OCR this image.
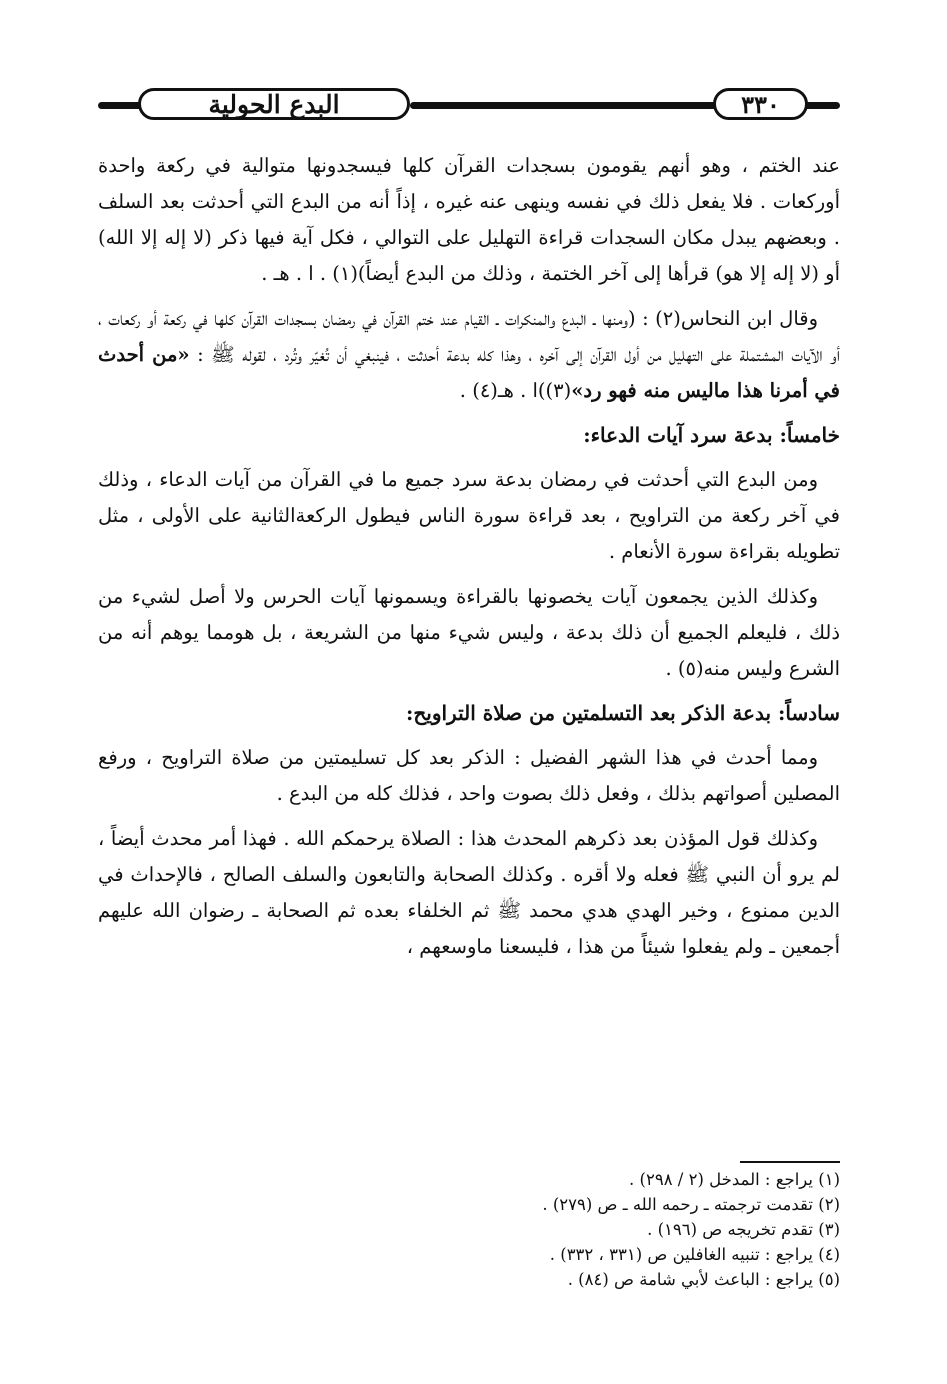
البدع الحولية	٣٣٠

عند الختم ، وهو أنهم يقومون بسجدات القرآن كلها فيسجدونها متوالية في ركعة واحدة أوركعات . فلا يفعل ذلك في نفسه وينهى عنه غيره ، إذاً أنه من البدع التي أحدثت بعد السلف . وبعضهم يبدل مكان السجدات قراءة التهليل على التوالي ، فكل آية فيها ذكر (لا إله إلا الله) أو (لا إله إلا هو) قرأها إلى آخر الختمة ، وذلك من البدع أيضاً)(١) . ا . هـ .

وقال ابن النحاس(٢) : (ومنها ـ البدع والمنكرات ـ القيام عند ختم القرآن في رمضان بسجدات القرآن كلها في ركعة أو ركعات ، أو الآيات المشتملة على التهليل من أول القرآن إلى آخره ، وهذا كله بدعة أحدثت ، فينبغي أن تُغيّر وتُرد ، لقوله ﷺ : «من أحدث في أمرنا هذا ماليس منه فهو رد»(٣))ا . هـ(٤) .

خامساً: بدعة سرد آيات الدعاء:

ومن البدع التي أحدثت في رمضان بدعة سرد جميع ما في القرآن من آيات الدعاء ، وذلك في آخر ركعة من التراويح ، بعد قراءة سورة الناس فيطول الركعةالثانية على الأولى ، مثل تطويله بقراءة سورة الأنعام .

وكذلك الذين يجمعون آيات يخصونها بالقراءة ويسمونها آيات الحرس ولا أصل لشيء من ذلك ، فليعلم الجميع أن ذلك بدعة ، وليس شيء منها من الشريعة ، بل هومما يوهم أنه من الشرع وليس منه(٥) .

سادساً: بدعة الذكر بعد التسلمتين من صلاة التراويح:

ومما أحدث في هذا الشهر الفضيل : الذكر بعد كل تسليمتين من صلاة التراويح ، ورفع المصلين أصواتهم بذلك ، وفعل ذلك بصوت واحد ، فذلك كله من البدع .

وكذلك قول المؤذن بعد ذكرهم المحدث هذا : الصلاة يرحمكم الله . فهذا أمر محدث أيضاً ، لم يرو أن النبي ﷺ فعله ولا أقره . وكذلك الصحابة والتابعون والسلف الصالح ، فالإحداث في الدين ممنوع ، وخير الهدي هدي محمد ﷺ ثم الخلفاء بعده ثم الصحابة ـ رضوان الله عليهم أجمعين ـ ولم يفعلوا شيئاً من هذا ، فليسعنا ماوسعهم ،

(١) يراجع : المدخل (٢ / ٢٩٨) .
(٢) تقدمت ترجمته ـ رحمه الله ـ ص (٢٧٩) .
(٣) تقدم تخريجه ص (١٩٦) .
(٤) يراجع : تنبيه الغافلين ص (٣٣١ ، ٣٣٢) .
(٥) يراجع : الباعث لأبي شامة ص (٨٤) .
